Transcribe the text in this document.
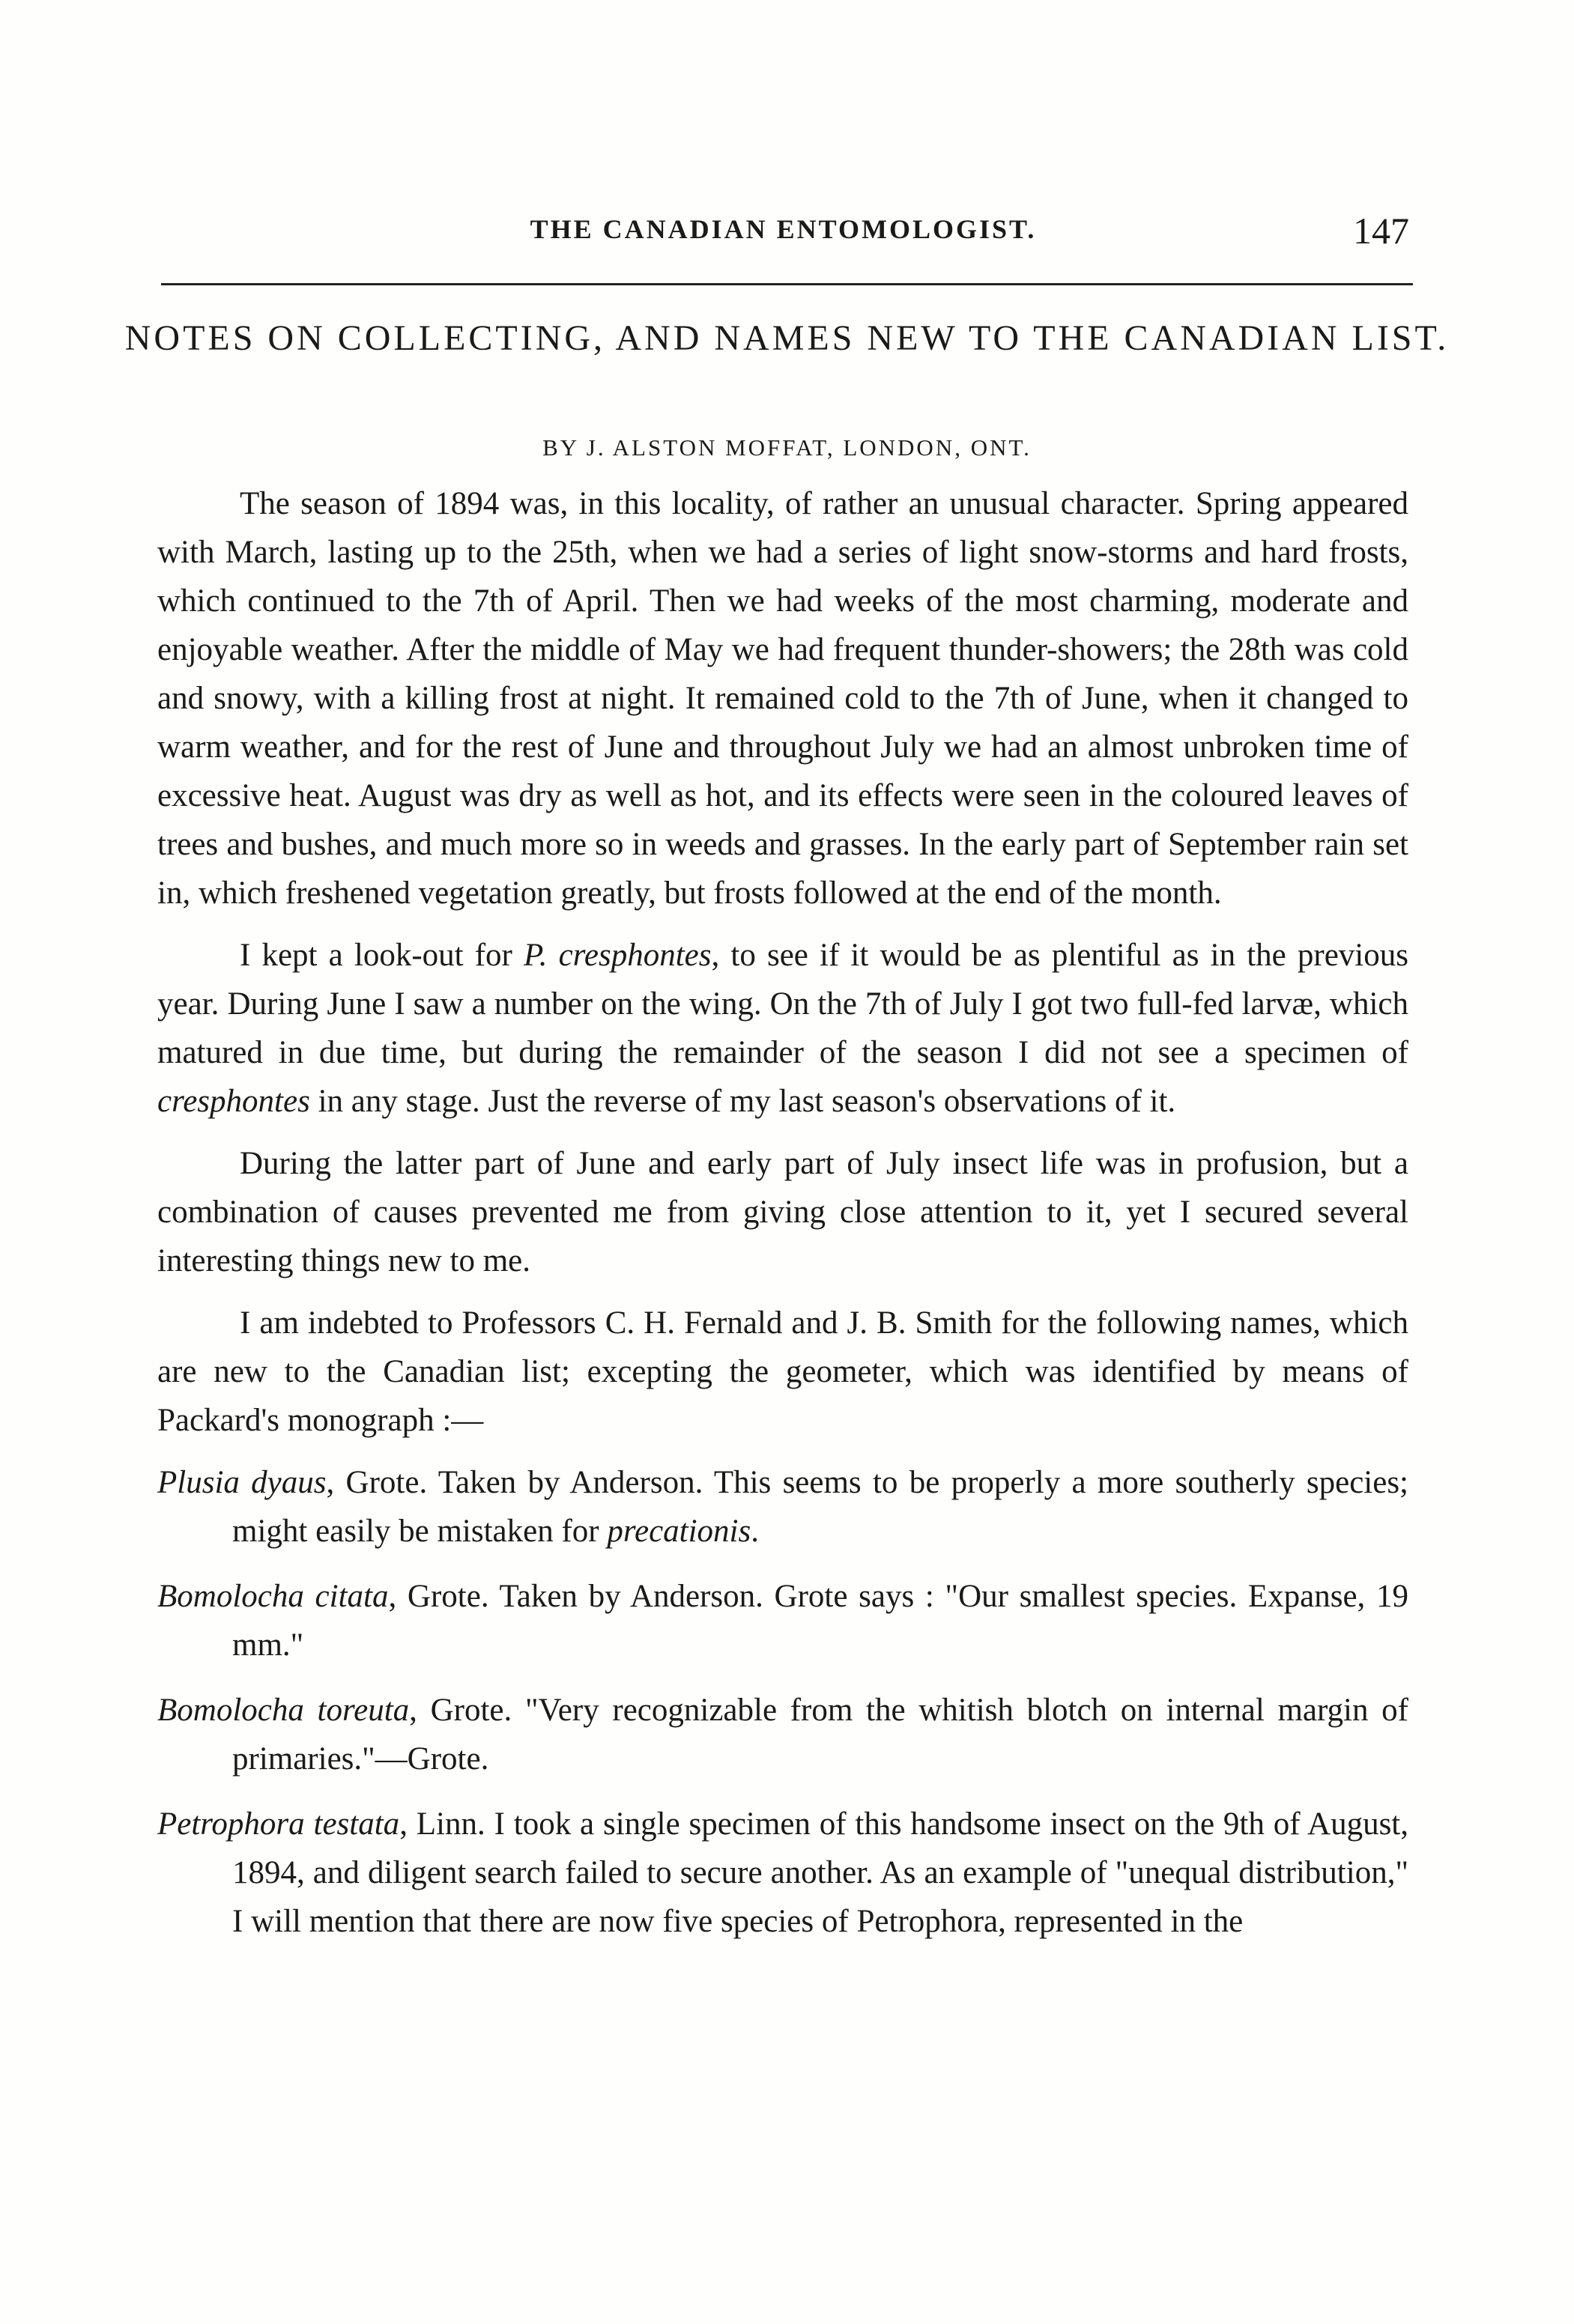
THE CANADIAN ENTOMOLOGIST.	147
NOTES ON COLLECTING, AND NAMES NEW TO THE CANADIAN LIST.
BY J. ALSTON MOFFAT, LONDON, ONT.

The season of 1894 was, in this locality, of rather an unusual character. Spring appeared with March, lasting up to the 25th, when we had a series of light snow-storms and hard frosts, which continued to the 7th of April. Then we had weeks of the most charming, moderate and enjoyable weather. After the middle of May we had frequent thunder-showers; the 28th was cold and snowy, with a killing frost at night. It remained cold to the 7th of June, when it changed to warm weather, and for the rest of June and throughout July we had an almost unbroken time of excessive heat. August was dry as well as hot, and its effects were seen in the coloured leaves of trees and bushes, and much more so in weeds and grasses. In the early part of September rain set in, which freshened vegetation greatly, but frosts followed at the end of the month.

I kept a look-out for P. cresphontes, to see if it would be as plentiful as in the previous year. During June I saw a number on the wing. On the 7th of July I got two full-fed larvæ, which matured in due time, but during the remainder of the season I did not see a specimen of cresphontes in any stage. Just the reverse of my last season's observations of it.

During the latter part of June and early part of July insect life was in profusion, but a combination of causes prevented me from giving close attention to it, yet I secured several interesting things new to me.

I am indebted to Professors C. H. Fernald and J. B. Smith for the following names, which are new to the Canadian list; excepting the geometer, which was identified by means of Packard's monograph :—

Plusia dyaus, Grote. Taken by Anderson. This seems to be properly a more southerly species; might easily be mistaken for precationis.

Bomolocha citata, Grote. Taken by Anderson. Grote says : "Our smallest species. Expanse, 19 mm."

Bomolocha toreuta, Grote. "Very recognizable from the whitish blotch on internal margin of primaries."—Grote.

Petrophora testata, Linn. I took a single specimen of this handsome insect on the 9th of August, 1894, and diligent search failed to secure another. As an example of "unequal distribution," I will mention that there are now five species of Petrophora, represented in the
